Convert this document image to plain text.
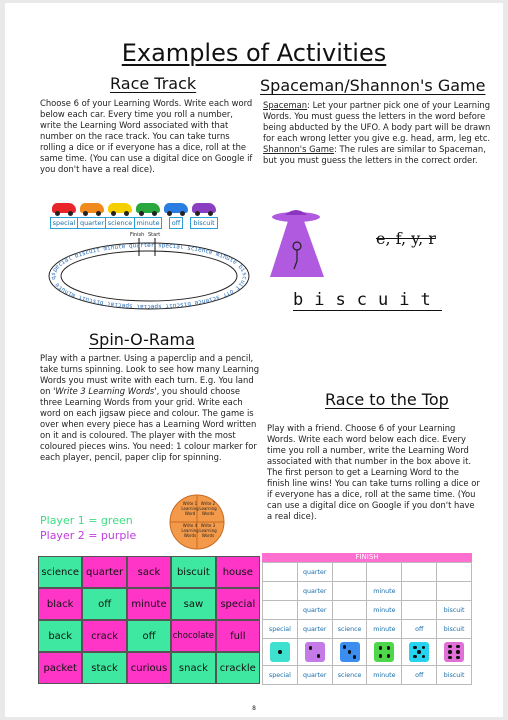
Examples of Activities
Race Track
Choose 6 of your Learning Words. Write each word below each car. Every time you roll a number, write the Learning Word associated with that number on the race track. You can take turns rolling a dice or if everyone has a dice, roll at the same time. (You can use a digital dice on Google if you don't have a real dice).
special quarter science minute	off	biscuit
special biscuit minute quarter special science minute biscuit off science biscuit special special biscuit minute q
Finish Start
Spaceman/Shannon's Game
Spaceman: Let your partner pick one of your Learning Words. You must guess the letters in the word before being abducted by the UFO. A body part will be drawn for each wrong letter you give e.g. head, arm, leg etc.
Shannon's Game: The rules are similar to Spaceman, but you must guess the letters in the correct order.
e, f, y, r
biscuit
Spin-O-Rama
Play with a partner. Using a paperclip and a pencil, take turns spinning. Look to see how many Learning Words you must write with each turn. E.g. You land on 'Write 3 Learning Words', you should choose three Learning Words from your grid. Write each word on each jigsaw piece and colour. The game is over when every piece has a Learning Word written on it and is coloured. The player with the most coloured pieces wins. You need: 1 colour marker for each player, pencil, paper clip for spinning.
Player 1 = green
Player 2 = purple
Write 1 Learning Word
Write 2 Learning Words
Write 4 Learning Words
Write 3 Learning Words
science quarter sack biscuit house
black off minute saw special
back crack off chocolate full
packet stack curious snack crackle
Race to the Top
Play with a friend. Choose 6 of your Learning Words. Write each word below each dice. Every time you roll a number, write the Learning Word associated with that number in the box above it. The first person to get a Learning Word to the finish line wins! You can take turns rolling a dice or if everyone has a dice, roll at the same time. (You can use a digital dice on Google if you don't have a real dice).
FINISH
	quarter				
	quarter		minute		
	quarter		minute		biscuit
special	quarter	science	minute	off	biscuit

special	quarter	science	minute	off	biscuit
8
